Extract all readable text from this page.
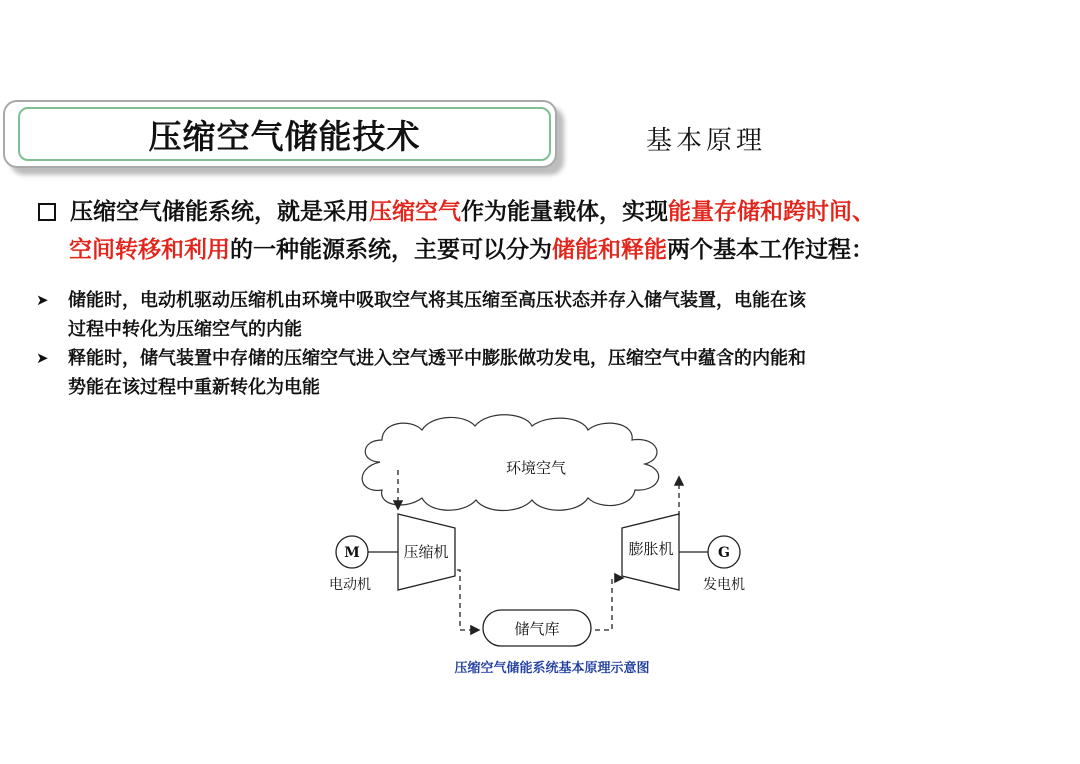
压缩空气储能技术	基本原理
压缩空气储能系统，就是采用 压缩空气 作为能量载体，实现 能量存储和跨时间、
空间转移和利用 的一种能源系统，主要可以分为 储能和释能 两个基本工作过程：
➤	储能时，电动机驱动压缩机由环境中吸取空气将其压缩至高压状态并存入储气装置，电能在该
过程中转化为压缩空气的内能
➤	释能时，储气装置中存储的压缩空气进入空气透平中膨胀做功发电，压缩空气中蕴含的内能和
势能在该过程中重新转化为电能
环境空气
M
电动机
压缩机
储气库
膨胀机	G
发电机
压缩空气储能系统基本原理示意图
